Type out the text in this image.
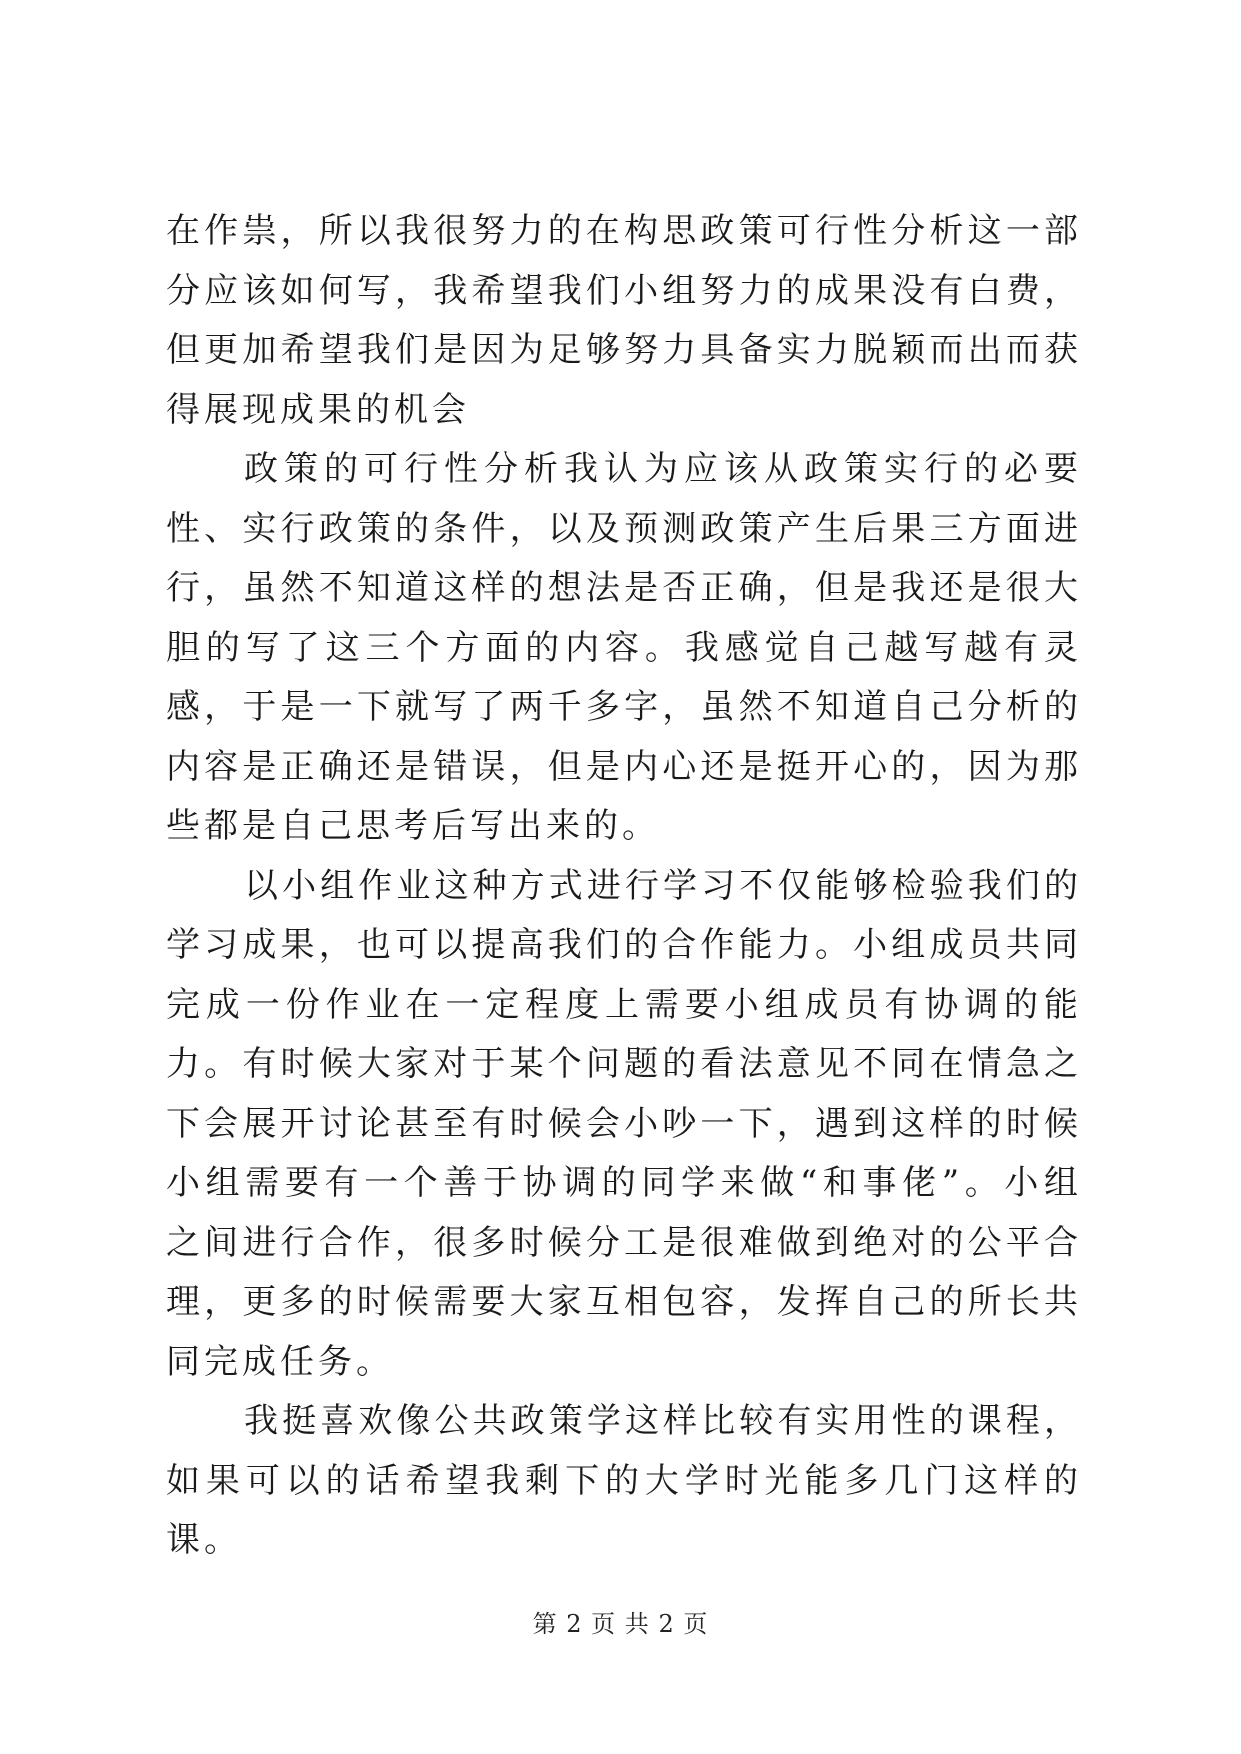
在作祟，所以我很努力的在构思政策可行性分析这一部分应该如何写，我希望我们小组努力的成果没有白费，但更加希望我们是因为足够努力具备实力脱颖而出而获得展现成果的机会

政策的可行性分析我认为应该从政策实行的必要性、实行政策的条件，以及预测政策产生后果三方面进行，虽然不知道这样的想法是否正确，但是我还是很大胆的写了这三个方面的内容。我感觉自己越写越有灵感，于是一下就写了两千多字，虽然不知道自己分析的内容是正确还是错误，但是内心还是挺开心的，因为那些都是自己思考后写出来的。

以小组作业这种方式进行学习不仅能够检验我们的学习成果，也可以提高我们的合作能力。小组成员共同完成一份作业在一定程度上需要小组成员有协调的能力。有时候大家对于某个问题的看法意见不同在情急之下会展开讨论甚至有时候会小吵一下，遇到这样的时候小组需要有一个善于协调的同学来做“和事佬”。小组之间进行合作，很多时候分工是很难做到绝对的公平合理，更多的时候需要大家互相包容，发挥自己的所长共同完成任务。

我挺喜欢像公共政策学这样比较有实用性的课程，如果可以的话希望我剩下的大学时光能多几门这样的课。

第 2 页 共 2 页
